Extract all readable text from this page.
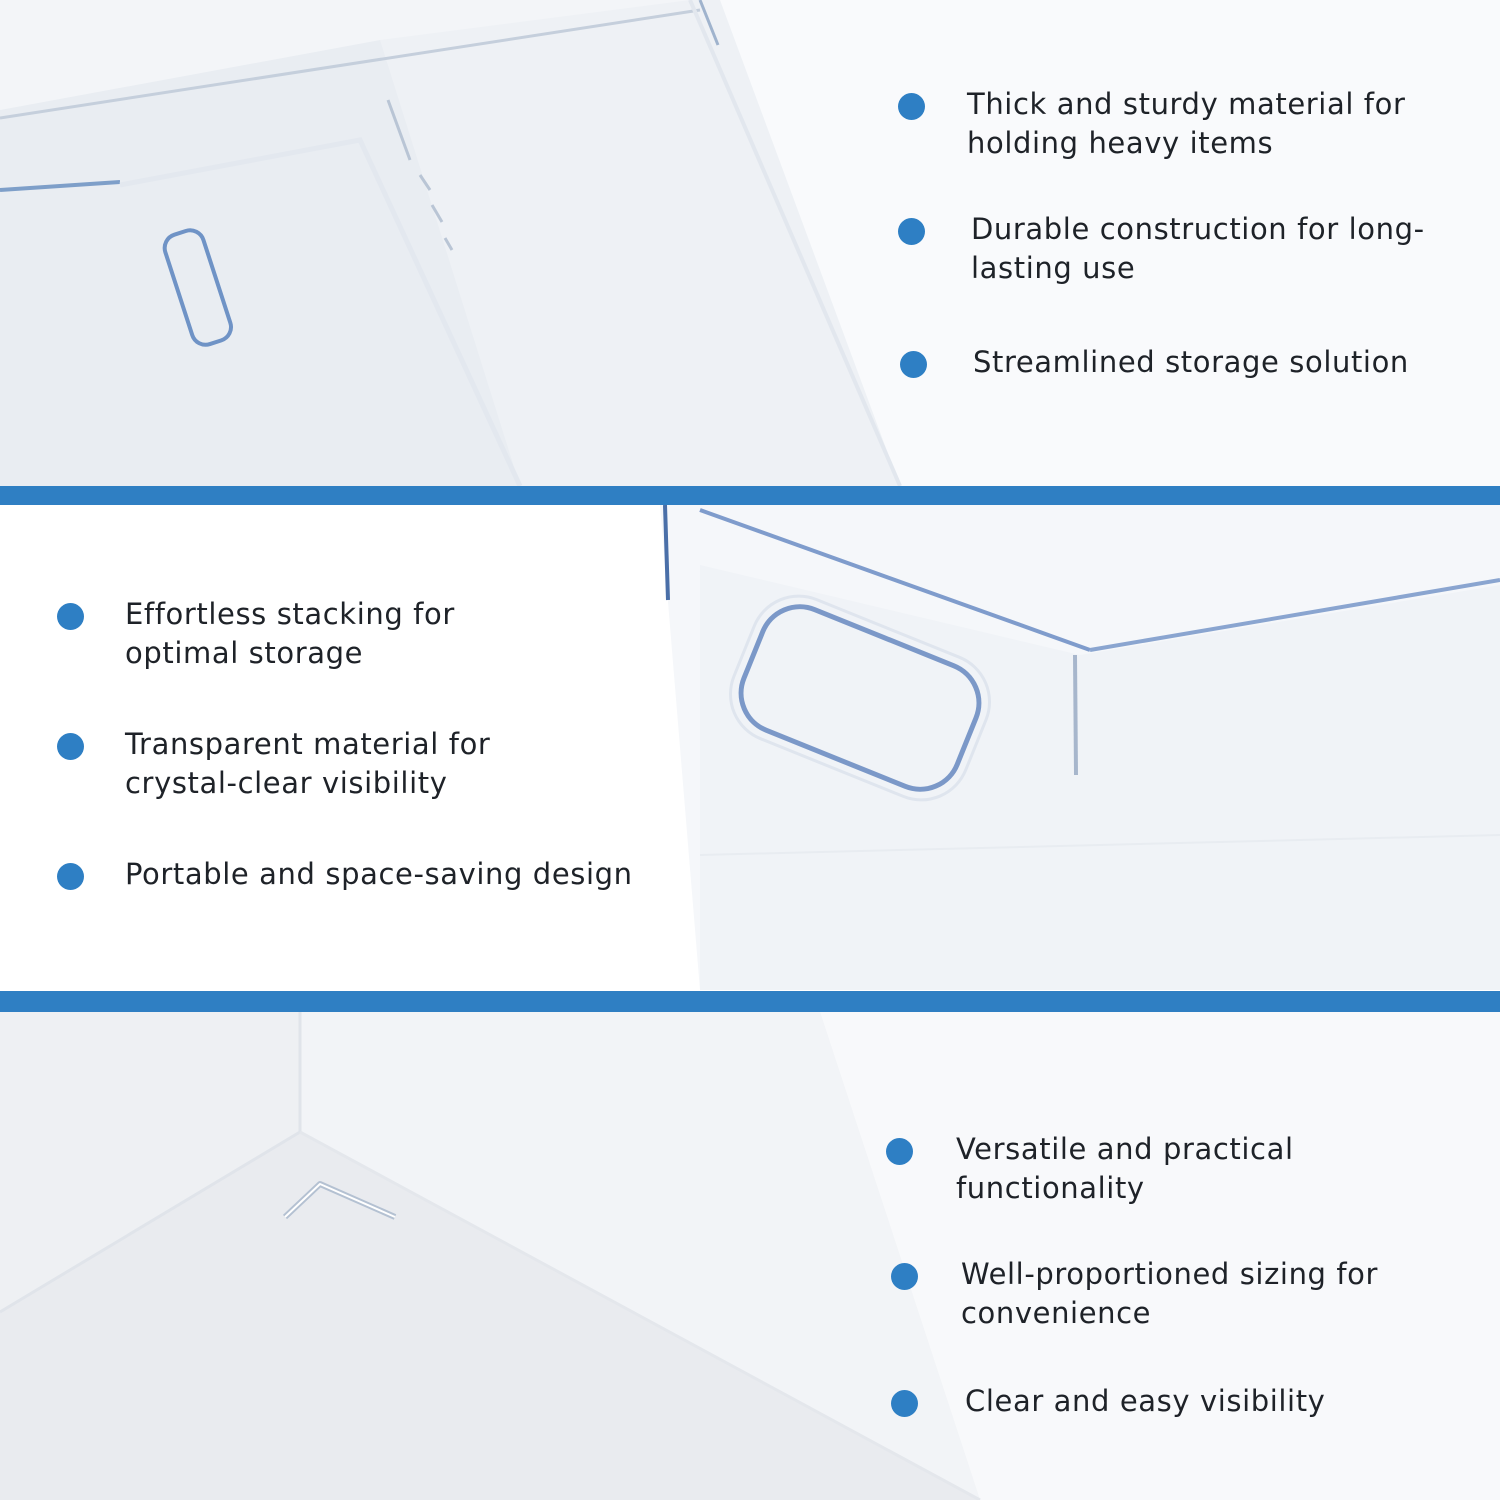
Thick and sturdy material for holding heavy items
Durable construction for long-lasting use
Streamlined storage solution
Effortless stacking for optimal storage
Transparent material for crystal-clear visibility
Portable and space-saving design
Versatile and practical functionality
Well-proportioned sizing for convenience
Clear and easy visibility
